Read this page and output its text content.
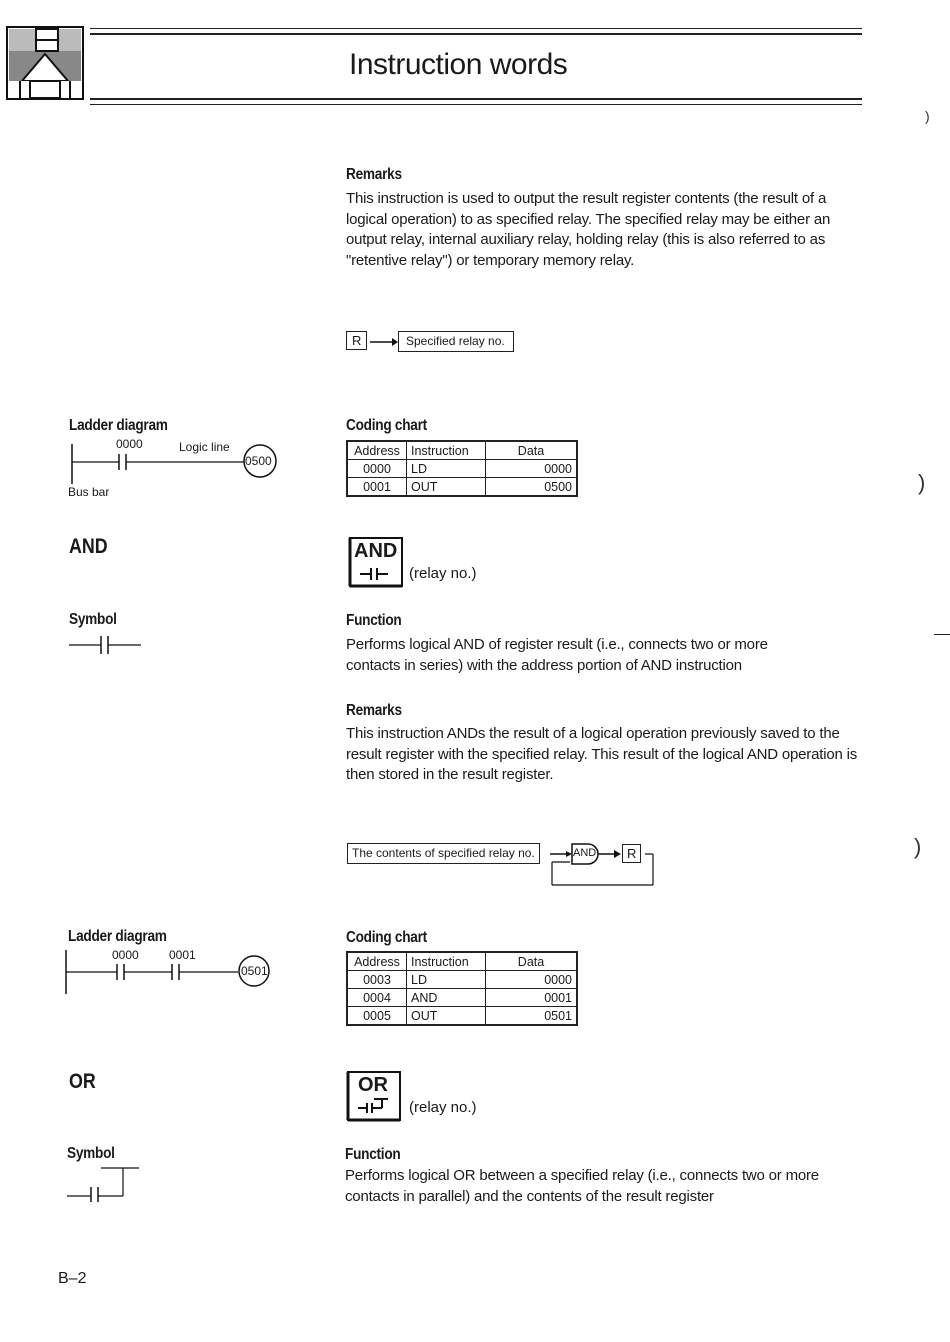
Instruction words
Remarks
This instruction is used to output the result register contents (the result of a logical operation) to as specified relay. The specified relay may be either an output relay, internal auxiliary relay, holding relay (this is also referred to as "retentive relay") or temporary memory relay.
R	Specified relay no.
Ladder diagram
0000	Logic line
0500
Bus bar
Coding chart
Address	Instruction	Data
0000	LD	0000
0001	OUT	0500
AND	AND
(relay no.)
Symbol	Function
Performs logical AND of register result (i.e., connects two or more contacts in series) with the address portion of AND instruction
Remarks
This instruction ANDs the result of a logical operation previously saved to the result register with the specified relay. This result of the logical AND operation is then stored in the result register.
The contents of specified relay no.	AND	R
Ladder diagram
0000	0001
0501
Coding chart
Address	Instruction	Data
0003	LD	0000
0004	AND	0001
0005	OUT	0501
OR	OR
(relay no.)
Symbol	Function
Performs logical OR between a specified relay (i.e., connects two or more contacts in parallel) and the contents of the result register
B–2
)
)
)
